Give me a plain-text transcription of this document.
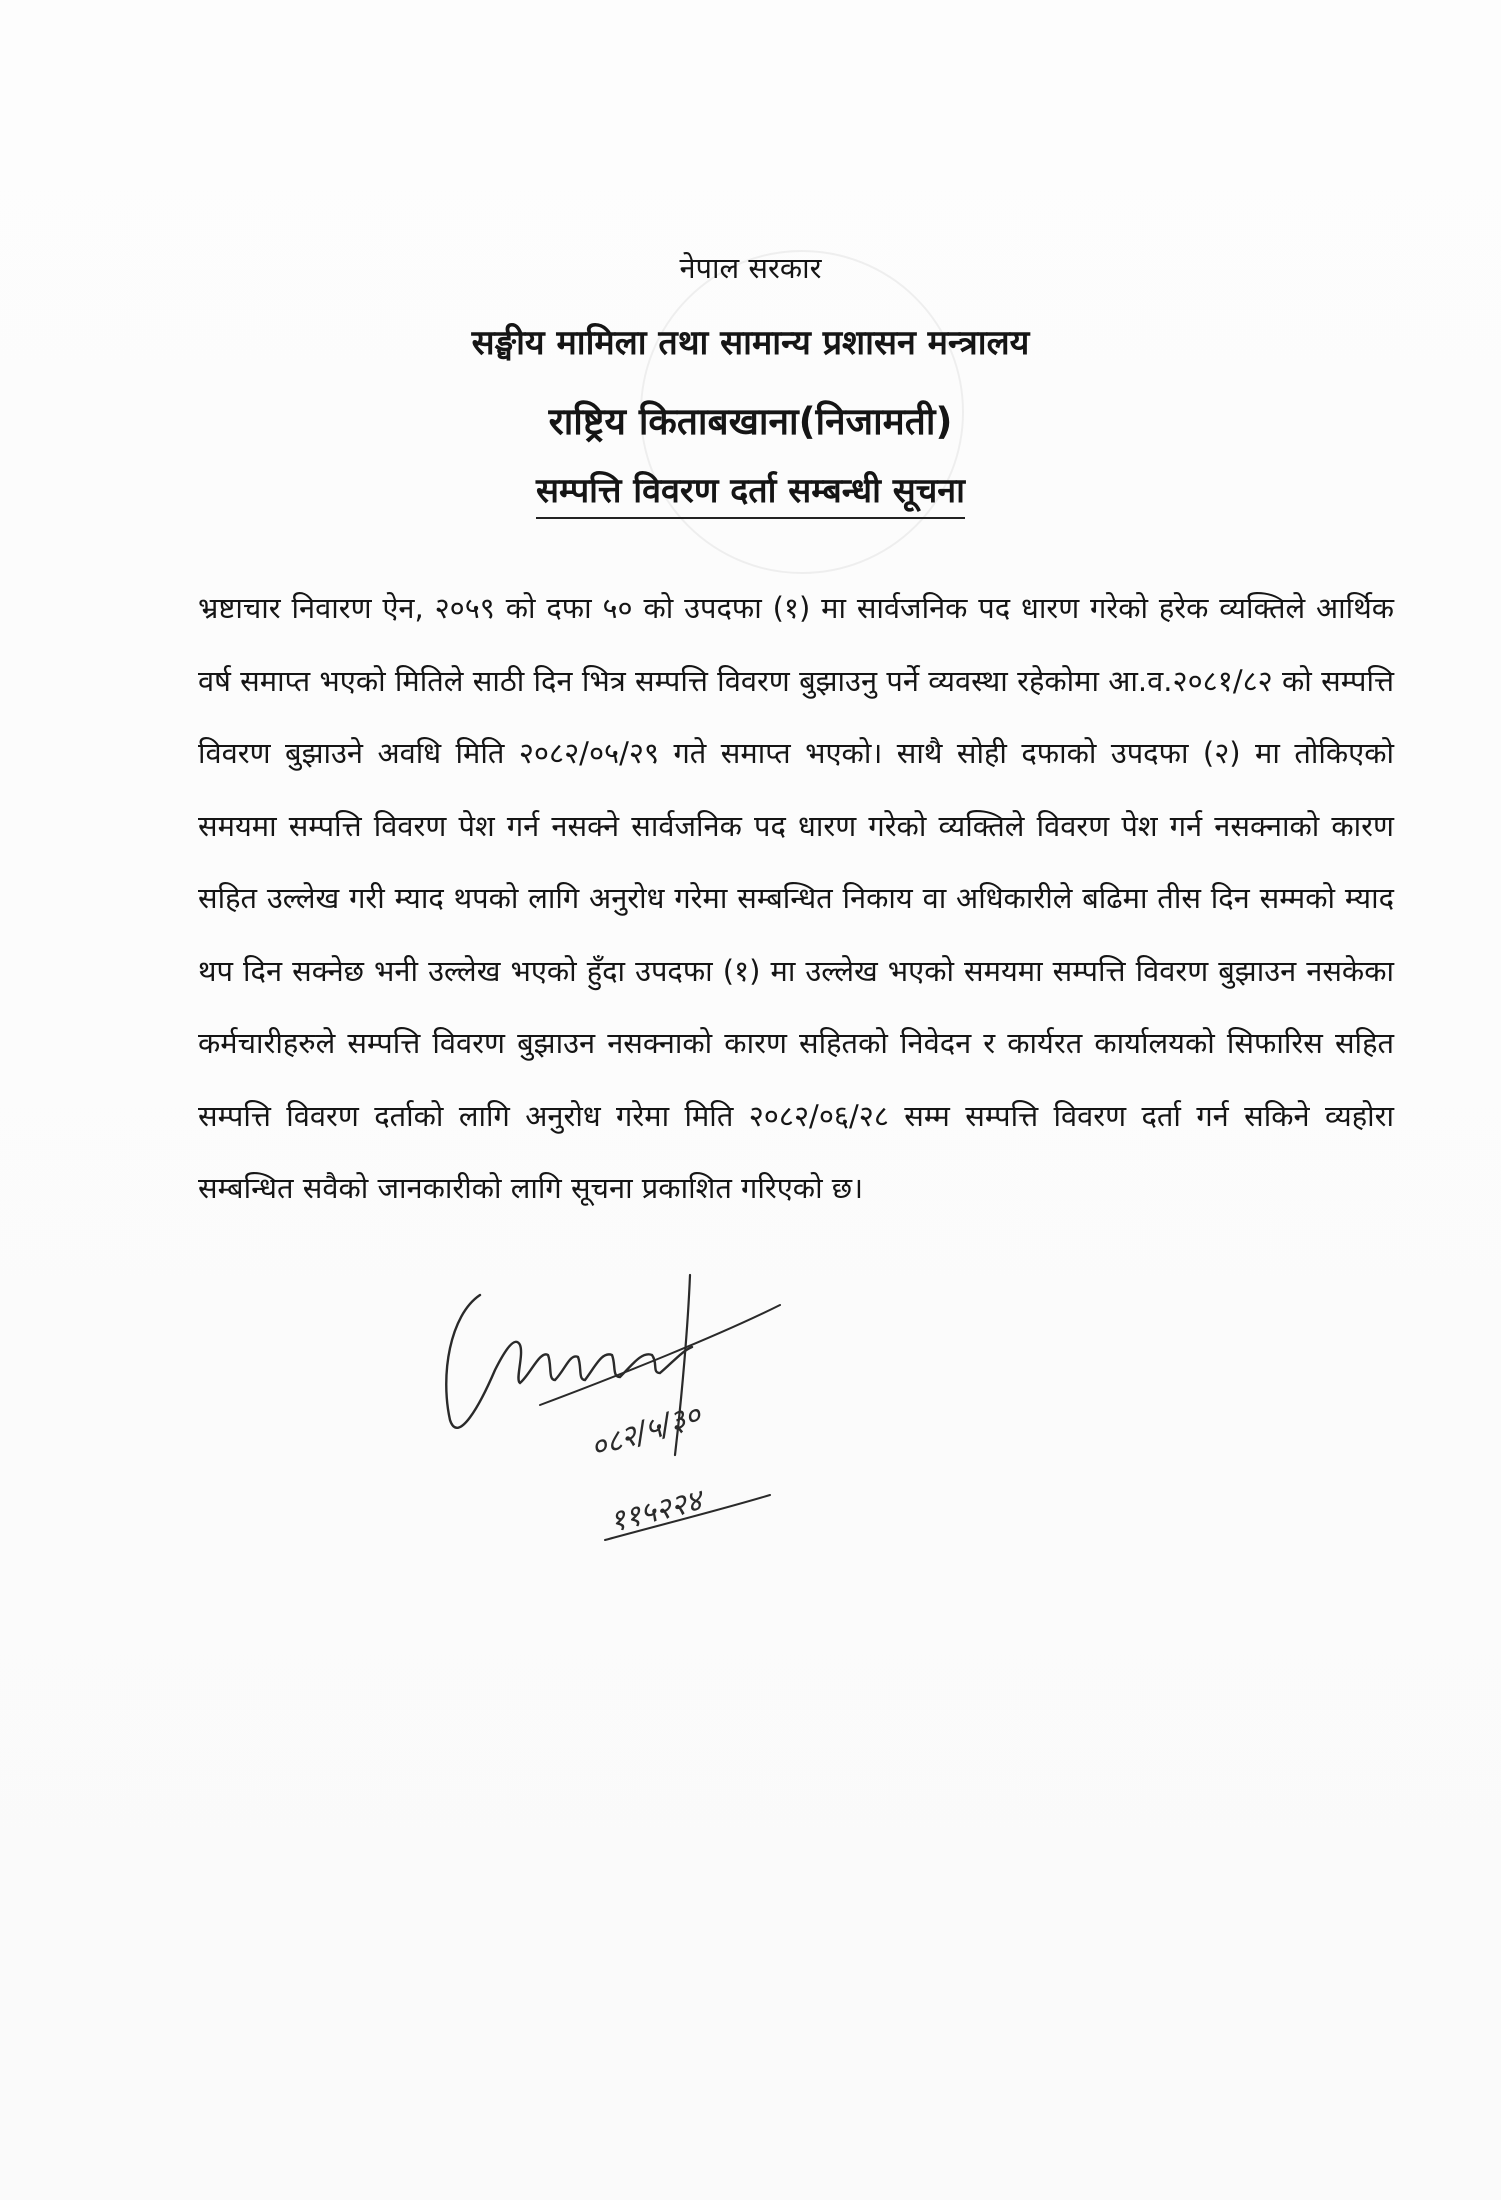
नेपाल सरकार
सङ्घीय मामिला तथा सामान्य प्रशासन मन्त्रालय
राष्ट्रिय किताबखाना(निजामती)
सम्पत्ति विवरण दर्ता सम्बन्धी सूचना

भ्रष्टाचार निवारण ऐन, २०५९ को दफा ५० को उपदफा (१) मा सार्वजनिक पद धारण गरेको हरेक व्यक्तिले आर्थिक वर्ष समाप्त भएको मितिले साठी दिन भित्र सम्पत्ति विवरण बुझाउनु पर्ने व्यवस्था रहेकोमा आ.व.२०८१/८२ को सम्पत्ति विवरण बुझाउने अवधि मिति २०८२/०५/२९ गते समाप्त भएको। साथै सोही दफाको उपदफा (२) मा तोकिएको समयमा सम्पत्ति विवरण पेश गर्न नसक्ने सार्वजनिक पद धारण गरेको व्यक्तिले विवरण पेश गर्न नसक्नाको कारण सहित उल्लेख गरी म्याद थपको लागि अनुरोध गरेमा सम्बन्धित निकाय वा अधिकारीले बढिमा तीस दिन सम्मको म्याद थप दिन सक्नेछ भनी उल्लेख भएको हुँदा उपदफा (१) मा उल्लेख भएको समयमा सम्पत्ति विवरण बुझाउन नसकेका कर्मचारीहरुले सम्पत्ति विवरण बुझाउन नसक्नाको कारण सहितको निवेदन र कार्यरत कार्यालयको सिफारिस सहित सम्पत्ति विवरण दर्ताको लागि अनुरोध गरेमा मिति २०८२/०६/२८ सम्म सम्पत्ति विवरण दर्ता गर्न सकिने व्यहोरा सम्बन्धित सवैको जानकारीको लागि सूचना प्रकाशित गरिएको छ।

०८२/५/३०
११५२२४
